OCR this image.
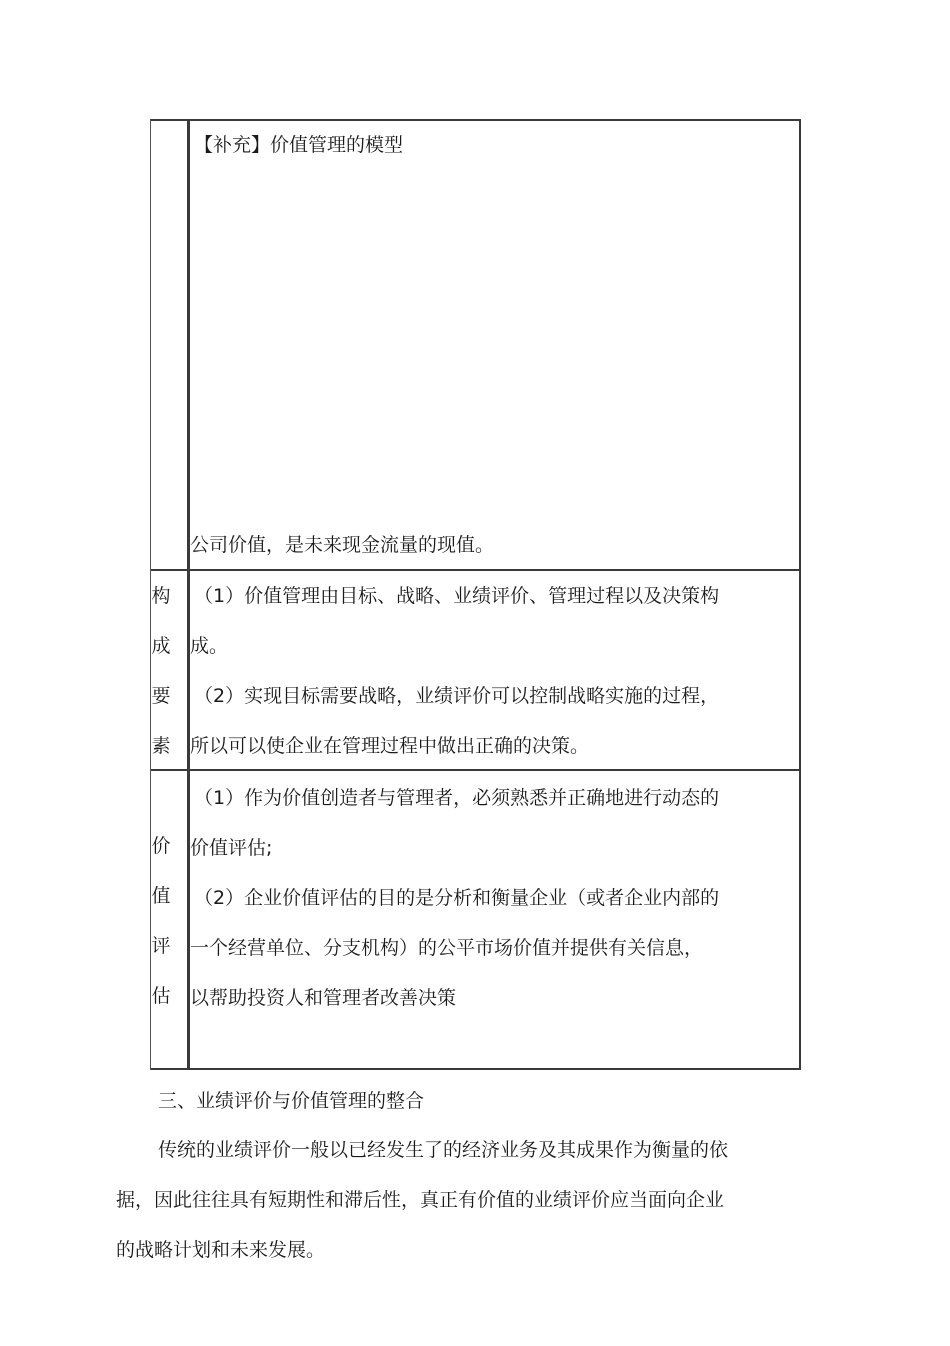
【补充】价值管理的模型
公司价值，是未来现金流量的现值。
构
成
要
素
（1）价值管理由目标、战略、业绩评价、管理过程以及决策构
成。
（2）实现目标需要战略，业绩评价可以控制战略实施的过程，
所以可以使企业在管理过程中做出正确的决策。
价
值
评
估
（1）作为价值创造者与管理者，必须熟悉并正确地进行动态的
价值评估;
（2）企业价值评估的目的是分析和衡量企业（或者企业内部的
一个经营单位、分支机构）的公平市场价值并提供有关信息，
以帮助投资人和管理者改善决策
三、业绩评价与价值管理的整合
传统的业绩评价一般以已经发生了的经济业务及其成果作为衡量的依
据，因此往往具有短期性和滞后性，真正有价值的业绩评价应当面向企业
的战略计划和未来发展。
